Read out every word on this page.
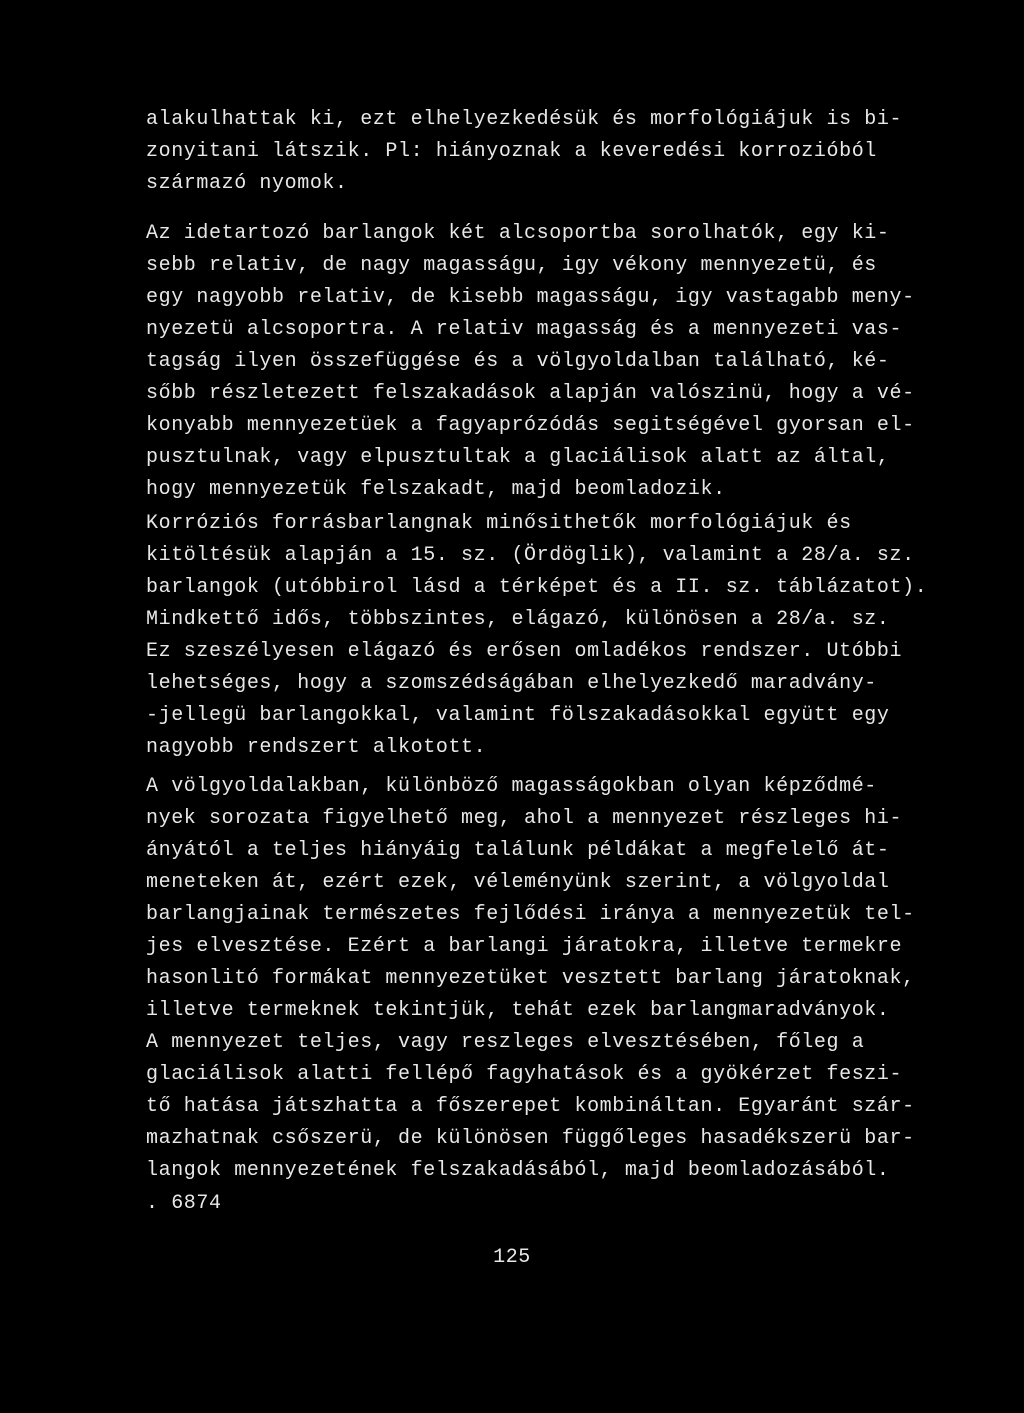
alakulhattak ki, ezt elhelyezkedésük és morfológiájuk is bi-
zonyitani látszik. Pl: hiányoznak a keveredési korrozióból
származó nyomok.
Az idetartozó barlangok két alcsoportba sorolhatók, egy ki-
sebb relativ, de nagy magasságu, igy vékony mennyezetü, és
egy nagyobb relativ, de kisebb magasságu, igy vastagabb meny-
nyezetü alcsoportra. A relativ magasság és a mennyezeti vas-
tagság ilyen összefüggése és a völgyoldalban található, ké-
sőbb részletezett felszakadások alapján valószinü, hogy a vé-
konyabb mennyezetüek a fagyaprózódás segitségével gyorsan el-
pusztulnak, vagy elpusztultak a glaciálisok alatt az által,
hogy mennyezetük felszakadt, majd beomladozik.
Korróziós forrásbarlangnak minősithetők morfológiájuk és
kitöltésük alapján a 15. sz. (Ördöglik), valamint a 28/a. sz.
barlangok (utóbbirol lásd a térképet és a II. sz. táblázatot).
Mindkettő idős, többszintes, elágazó, különösen a 28/a. sz.
Ez szeszélyesen elágazó és erősen omladékos rendszer. Utóbbi
lehetséges, hogy a szomszédságában elhelyezkedő maradvány-
-jellegü barlangokkal, valamint fölszakadásokkal együtt egy
nagyobb rendszert alkotott.
A völgyoldalakban, különböző magasságokban olyan képződmé-
nyek sorozata figyelhető meg, ahol a mennyezet részleges hi-
ányától a teljes hiányáig találunk példákat a megfelelő át-
meneteken át, ezért ezek, véleményünk szerint, a völgyoldal
barlangjainak természetes fejlődési iránya a mennyezetük tel-
jes elvesztése. Ezért a barlangi járatokra, illetve termekre
hasonlitó formákat mennyezetüket vesztett barlang járatoknak,
illetve termeknek tekintjük, tehát ezek barlangmaradványok.
A mennyezet teljes, vagy reszleges elvesztésében, főleg a
glaciálisok alatti fellépő fagyhatások és a gyökérzet feszi-
tő hatása játszhatta a főszerepet kombináltan. Egyaránt szár-
mazhatnak csőszerü, de különösen függőleges hasadékszerü bar-
langok mennyezetének felszakadásából, majd beomladozásából.
. 6874
125
